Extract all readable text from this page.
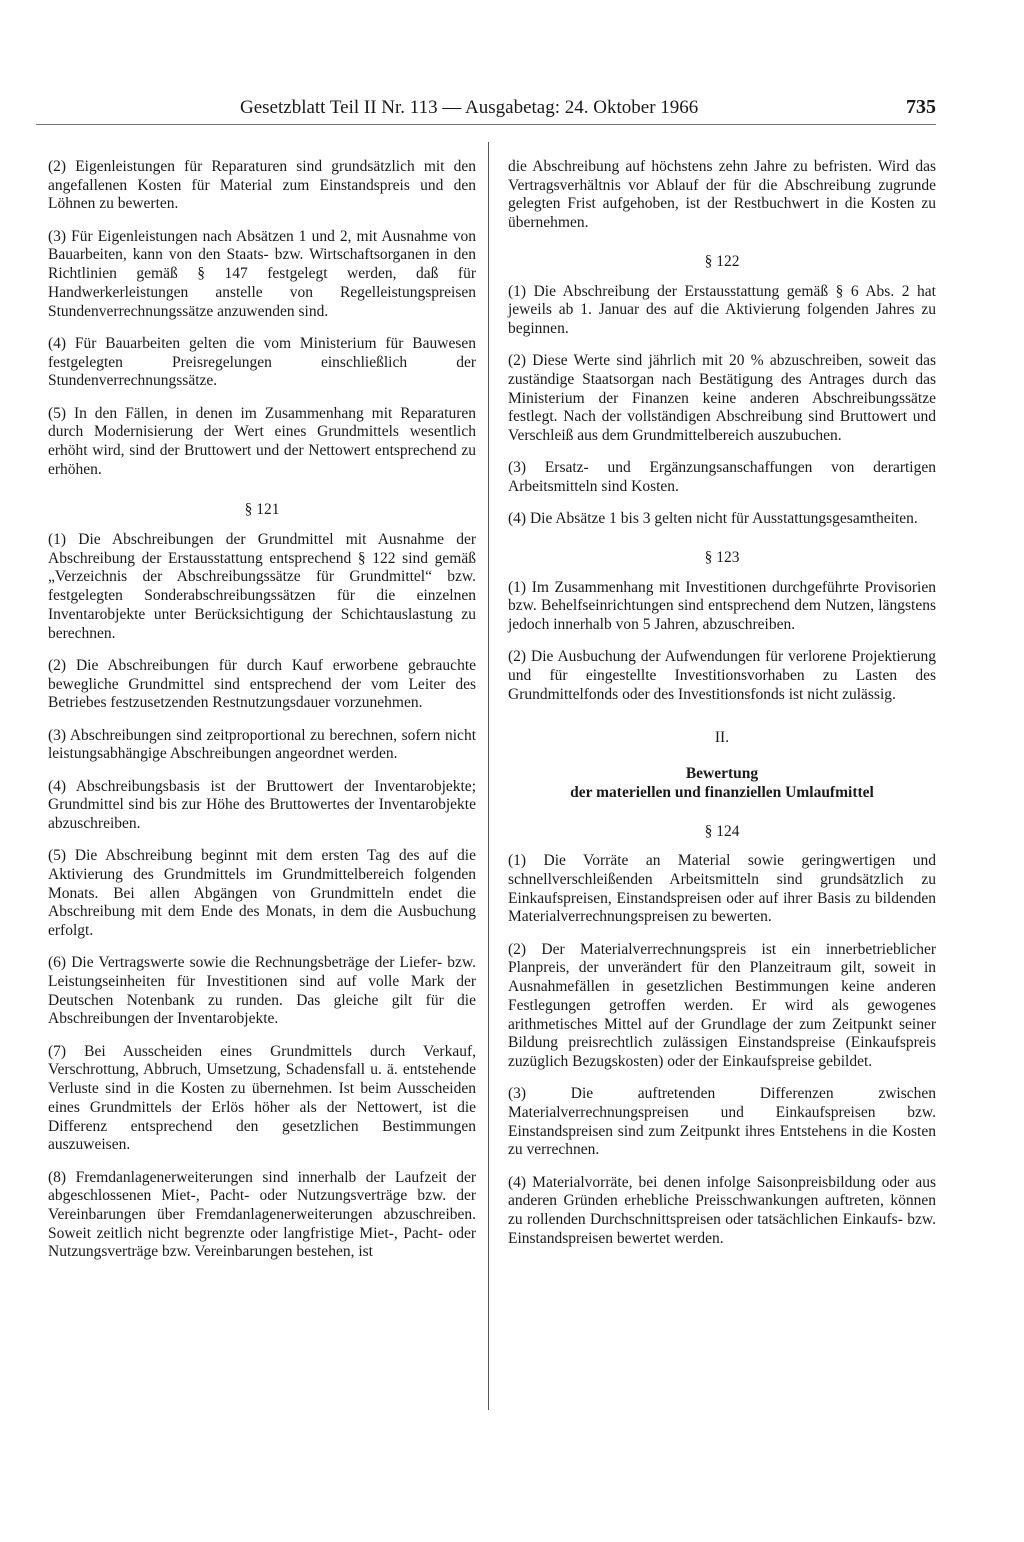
Gesetzblatt Teil II Nr. 113 — Ausgabetag: 24. Oktober 1966	735

(2) Eigenleistungen für Reparaturen sind grundsätzlich mit den angefallenen Kosten für Material zum Einstandspreis und den Löhnen zu bewerten.

(3) Für Eigenleistungen nach Absätzen 1 und 2, mit Ausnahme von Bauarbeiten, kann von den Staats- bzw. Wirtschaftsorganen in den Richtlinien gemäß § 147 festgelegt werden, daß für Handwerkerleistungen anstelle von Regelleistungspreisen Stundenverrechnungssätze anzuwenden sind.

(4) Für Bauarbeiten gelten die vom Ministerium für Bauwesen festgelegten Preisregelungen einschließlich der Stundenverrechnungssätze.

(5) In den Fällen, in denen im Zusammenhang mit Reparaturen durch Modernisierung der Wert eines Grundmittels wesentlich erhöht wird, sind der Bruttowert und der Nettowert entsprechend zu erhöhen.

§ 121

(1) Die Abschreibungen der Grundmittel mit Ausnahme der Abschreibung der Erstausstattung entsprechend § 122 sind gemäß „Verzeichnis der Abschreibungssätze für Grundmittel“ bzw. festgelegten Sonderabschreibungssätzen für die einzelnen Inventarobjekte unter Berücksichtigung der Schichtauslastung zu berechnen.

(2) Die Abschreibungen für durch Kauf erworbene gebrauchte bewegliche Grundmittel sind entsprechend der vom Leiter des Betriebes festzusetzenden Restnutzungsdauer vorzunehmen.

(3) Abschreibungen sind zeitproportional zu berechnen, sofern nicht leistungsabhängige Abschreibungen angeordnet werden.

(4) Abschreibungsbasis ist der Bruttowert der Inventarobjekte; Grundmittel sind bis zur Höhe des Bruttowertes der Inventarobjekte abzuschreiben.

(5) Die Abschreibung beginnt mit dem ersten Tag des auf die Aktivierung des Grundmittels im Grundmittelbereich folgenden Monats. Bei allen Abgängen von Grundmitteln endet die Abschreibung mit dem Ende des Monats, in dem die Ausbuchung erfolgt.

(6) Die Vertragswerte sowie die Rechnungsbeträge der Liefer- bzw. Leistungseinheiten für Investitionen sind auf volle Mark der Deutschen Notenbank zu runden. Das gleiche gilt für die Abschreibungen der Inventarobjekte.

(7) Bei Ausscheiden eines Grundmittels durch Verkauf, Verschrottung, Abbruch, Umsetzung, Schadensfall u. ä. entstehende Verluste sind in die Kosten zu übernehmen. Ist beim Ausscheiden eines Grundmittels der Erlös höher als der Nettowert, ist die Differenz entsprechend den gesetzlichen Bestimmungen auszuweisen.

(8) Fremdanlagenerweiterungen sind innerhalb der Laufzeit der abgeschlossenen Miet-, Pacht- oder Nutzungsverträge bzw. der Vereinbarungen über Fremdanlagenerweiterungen abzuschreiben. Soweit zeitlich nicht begrenzte oder langfristige Miet-, Pacht- oder Nutzungsverträge bzw. Vereinbarungen bestehen, ist

die Abschreibung auf höchstens zehn Jahre zu befristen. Wird das Vertragsverhältnis vor Ablauf der für die Abschreibung zugrunde gelegten Frist aufgehoben, ist der Restbuchwert in die Kosten zu übernehmen.
§ 122

(1) Die Abschreibung der Erstausstattung gemäß § 6 Abs. 2 hat jeweils ab 1. Januar des auf die Aktivierung folgenden Jahres zu beginnen.

(2) Diese Werte sind jährlich mit 20 % abzuschreiben, soweit das zuständige Staatsorgan nach Bestätigung des Antrages durch das Ministerium der Finanzen keine anderen Abschreibungssätze festlegt. Nach der vollständigen Abschreibung sind Bruttowert und Verschleiß aus dem Grundmittelbereich auszubuchen.

(3) Ersatz- und Ergänzungsanschaffungen von derartigen Arbeitsmitteln sind Kosten.

(4) Die Absätze 1 bis 3 gelten nicht für Ausstattungsgesamtheiten.

§ 123

(1) Im Zusammenhang mit Investitionen durchgeführte Provisorien bzw. Behelfseinrichtungen sind entsprechend dem Nutzen, längstens jedoch innerhalb von 5 Jahren, abzuschreiben.

(2) Die Ausbuchung der Aufwendungen für verlorene Projektierung und für eingestellte Investitionsvorhaben zu Lasten des Grundmittelfonds oder des Investitionsfonds ist nicht zulässig.

II.
Bewertung
der materiellen und finanziellen Umlaufmittel
§ 124

(1) Die Vorräte an Material sowie geringwertigen und schnellverschleißenden Arbeitsmitteln sind grundsätzlich zu Einkaufspreisen, Einstandspreisen oder auf ihrer Basis zu bildenden Materialverrechnungspreisen zu bewerten.

(2) Der Materialverrechnungspreis ist ein innerbetrieblicher Planpreis, der unverändert für den Planzeitraum gilt, soweit in Ausnahmefällen in gesetzlichen Bestimmungen keine anderen Festlegungen getroffen werden. Er wird als gewogenes arithmetisches Mittel auf der Grundlage der zum Zeitpunkt seiner Bildung preisrechtlich zulässigen Einstandspreise (Einkaufspreis zuzüglich Bezugskosten) oder der Einkaufspreise gebildet.

(3) Die auftretenden Differenzen zwischen Materialverrechnungspreisen und Einkaufspreisen bzw. Einstandspreisen sind zum Zeitpunkt ihres Entstehens in die Kosten zu verrechnen.

(4) Materialvorräte, bei denen infolge Saisonpreisbildung oder aus anderen Gründen erhebliche Preisschwankungen auftreten, können zu rollenden Durchschnittspreisen oder tatsächlichen Einkaufs- bzw. Einstandspreisen bewertet werden.
